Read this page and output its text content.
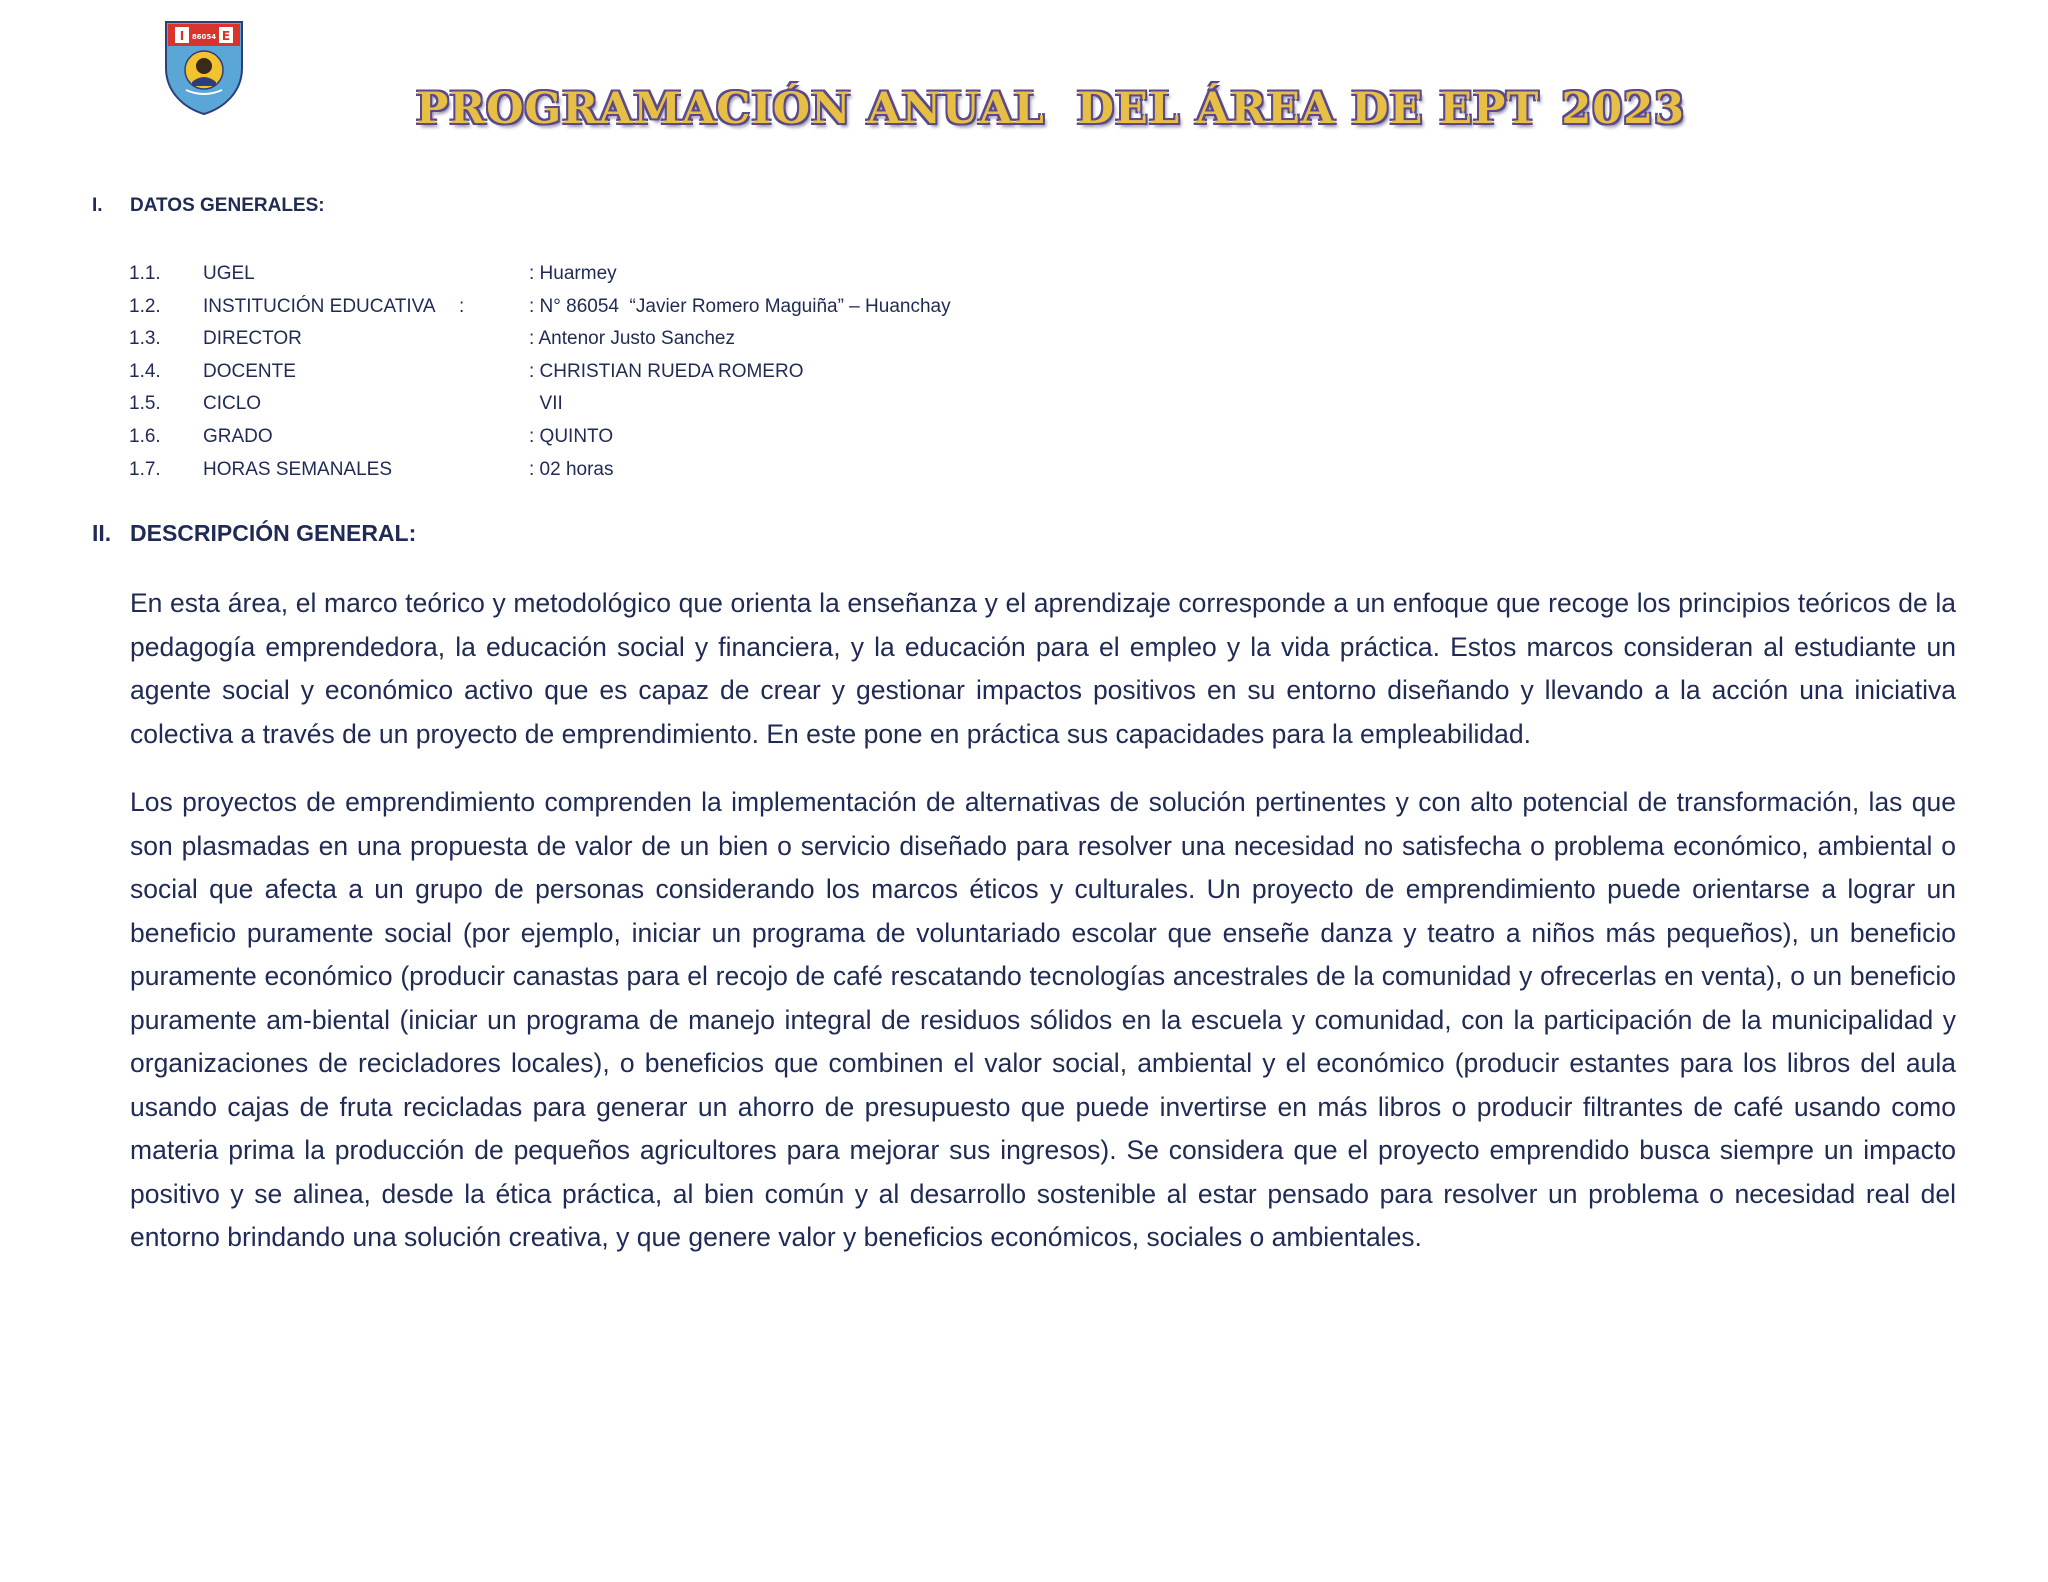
I	E
86054
PROGRAMACIÓN ANUAL  DEL ÁREA DE EPT 2023
I. DATOS GENERALES:
1.1.	UGEL	: Huarmey
1.2.	INSTITUCIÓN EDUCATIVA	:	: N° 86054  “Javier Romero Maguiña” – Huanchay
1.3.	DIRECTOR	: Antenor Justo Sanchez
1.4.	DOCENTE	: CHRISTIAN RUEDA ROMERO
1.5.	CICLO	VII
1.6.	GRADO	: QUINTO
1.7.	HORAS SEMANALES	: 02 horas
II. DESCRIPCIÓN GENERAL:

En esta área, el marco teórico y metodológico que orienta la enseñanza y el aprendizaje corresponde a un enfoque que recoge los principios teóricos de la pedagogía emprendedora, la educación social y financiera, y la educación para el empleo y la vida práctica. Estos marcos consideran al estudiante un agente social y económico activo que es capaz de crear y gestionar impactos positivos en su entorno diseñando y llevando a la acción una iniciativa colectiva a través de un proyecto de emprendimiento. En este pone en práctica sus capacidades para la empleabilidad.

Los proyectos de emprendimiento comprenden la implementación de alternativas de solución pertinentes y con alto potencial de transformación, las que son plasmadas en una propuesta de valor de un bien o servicio diseñado para resolver una necesidad no satisfecha o problema económico, ambiental o social que afecta a un grupo de personas considerando los marcos éticos y culturales. Un proyecto de emprendimiento puede orientarse a lograr un beneficio puramente social (por ejemplo, iniciar un programa de voluntariado escolar que enseñe danza y teatro a niños más pequeños), un beneficio puramente económico (producir canastas para el recojo de café rescatando tecnologías ancestrales de la comunidad y ofrecerlas en venta), o un beneficio puramente am-biental (iniciar un programa de manejo integral de residuos sólidos en la escuela y comunidad, con la participación de la municipalidad y organizaciones de recicladores locales), o beneficios que combinen el valor social, ambiental y el económico (producir estantes para los libros del aula usando cajas de fruta recicladas para generar un ahorro de presupuesto que puede invertirse en más libros o producir filtrantes de café usando como materia prima la producción de pequeños agricultores para mejorar sus ingresos). Se considera que el proyecto emprendido busca siempre un impacto positivo y se alinea, desde la ética práctica, al bien común y al desarrollo sostenible al estar pensado para resolver un problema o necesidad real del entorno brindando una solución creativa, y que genere valor y beneficios económicos, sociales o ambientales.
